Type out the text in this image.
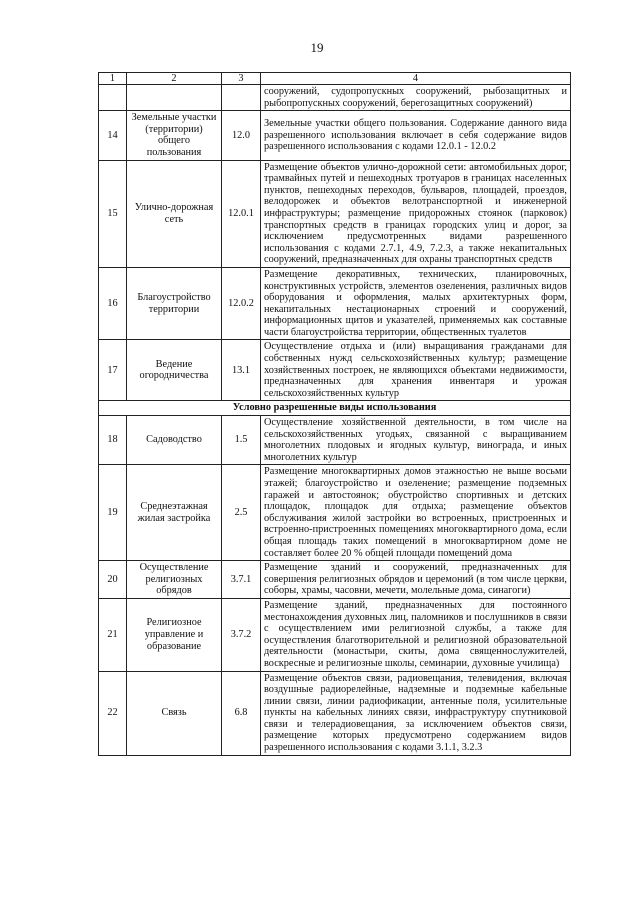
19
1	2	3	4
			сооружений, судопропускных сооружений, рыбозащитных и рыбопропускных сооружений, берегозащитных сооружений)
14	Земельные участки (территории) общего пользования	12.0	Земельные участки общего пользования. Содержание данного вида разрешенного использования включает в себя содержание видов разрешенного использования с кодами 12.0.1 - 12.0.2
15	Улично-дорожная сеть	12.0.1	Размещение объектов улично-дорожной сети: автомобильных дорог, трамвайных путей и пешеходных тротуаров в границах населенных пунктов, пешеходных переходов, бульваров, площадей, проездов, велодорожек и объектов велотранспортной и инженерной инфраструктуры; размещение придорожных стоянок (парковок) транспортных средств в границах городских улиц и дорог, за исключением предусмотренных видами разрешенного использования с кодами 2.7.1, 4.9, 7.2.3, а также некапитальных сооружений, предназначенных для охраны транспортных средств
16	Благоустройство территории	12.0.2	Размещение декоративных, технических, планировочных, конструктивных устройств, элементов озеленения, различных видов оборудования и оформления, малых архитектурных форм, некапитальных нестационарных строений и сооружений, информационных щитов и указателей, применяемых как составные части благоустройства территории, общественных туалетов
17	Ведение огородничества	13.1	Осуществление отдыха и (или) выращивания гражданами для собственных нужд сельскохозяйственных культур; размещение хозяйственных построек, не являющихся объектами недвижимости, предназначенных для хранения инвентаря и урожая сельскохозяйственных культур
Условно разрешенные виды использования			
18	Садоводство	1.5	Осуществление хозяйственной деятельности, в том числе на сельскохозяйственных угодьях, связанной с выращиванием многолетних плодовых и ягодных культур, винограда, и иных многолетних культур
19	Среднеэтажная жилая застройка	2.5	Размещение многоквартирных домов этажностью не выше восьми этажей; благоустройство и озеленение; размещение подземных гаражей и автостоянок; обустройство спортивных и детских площадок, площадок для отдыха; размещение объектов обслуживания жилой застройки во встроенных, пристроенных и встроенно-пристроенных помещениях многоквартирного дома, если общая площадь таких помещений в многоквартирном доме не составляет более 20 % общей площади помещений дома
20	Осуществление религиозных обрядов	3.7.1	Размещение зданий и сооружений, предназначенных для совершения религиозных обрядов и церемоний (в том числе церкви, соборы, храмы, часовни, мечети, молельные дома, синагоги)
21	Религиозное управление и образование	3.7.2	Размещение зданий, предназначенных для постоянного местонахождения духовных лиц, паломников и послушников в связи с осуществлением ими религиозной службы, а также для осуществления благотворительной и религиозной образовательной деятельности (монастыри, скиты, дома священнослужителей, воскресные и религиозные школы, семинарии, духовные училища)
22	Связь	6.8	Размещение объектов связи, радиовещания, телевидения, включая воздушные радиорелейные, надземные и подземные кабельные линии связи, линии радиофикации, антенные поля, усилительные пункты на кабельных линиях связи, инфраструктуру спутниковой связи и телерадиовещания, за исключением объектов связи, размещение которых предусмотрено содержанием видов разрешенного использования с кодами 3.1.1, 3.2.3
